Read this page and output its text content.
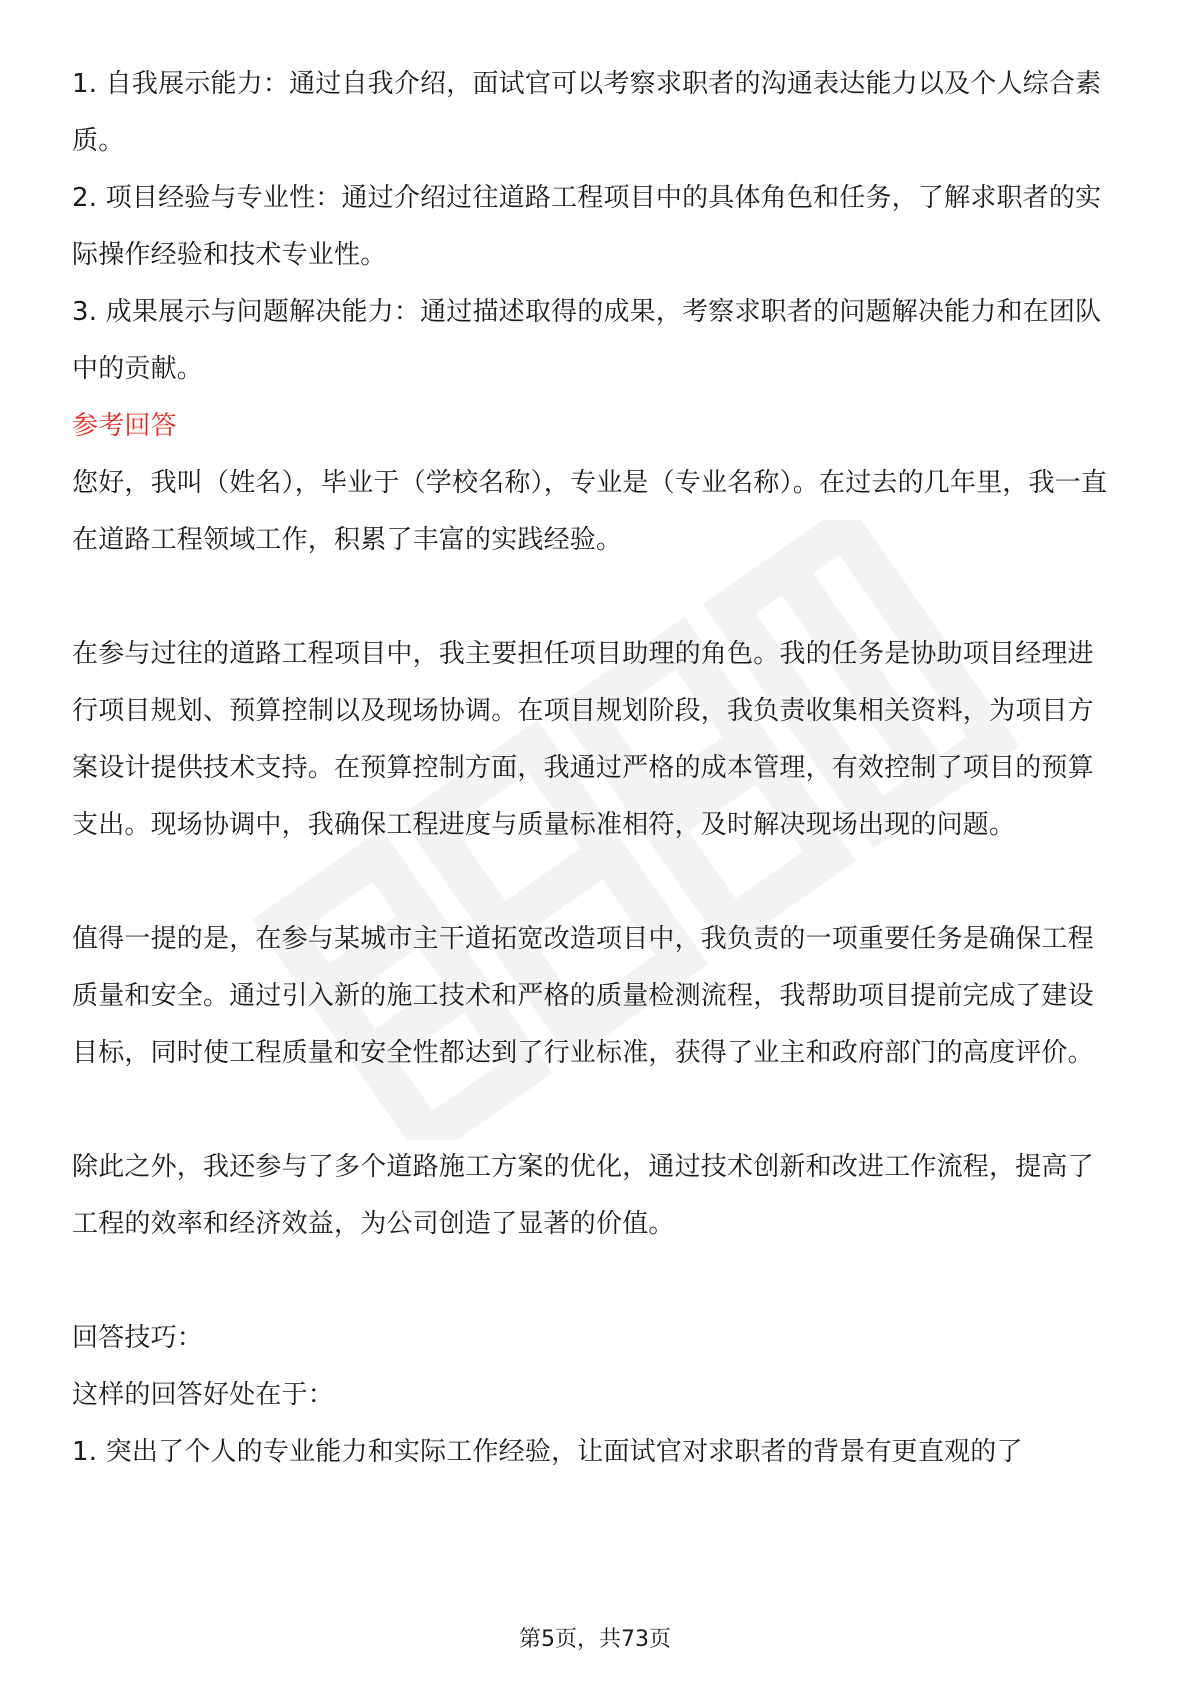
1. 自我展示能力：通过自我介绍，面试官可以考察求职者的沟通表达能力以及个人综合素质。

2. 项目经验与专业性：通过介绍过往道路工程项目中的具体角色和任务，了解求职者的实际操作经验和技术专业性。

3. 成果展示与问题解决能力：通过描述取得的成果，考察求职者的问题解决能力和在团队中的贡献。

参考回答

您好，我叫（姓名），毕业于（学校名称），专业是（专业名称）。在过去的几年里，我一直在道路工程领域工作，积累了丰富的实践经验。

在参与过往的道路工程项目中，我主要担任项目助理的角色。我的任务是协助项目经理进行项目规划、预算控制以及现场协调。在项目规划阶段，我负责收集相关资料，为项目方案设计提供技术支持。在预算控制方面，我通过严格的成本管理，有效控制了项目的预算支出。现场协调中，我确保工程进度与质量标准相符，及时解决现场出现的问题。

值得一提的是，在参与某城市主干道拓宽改造项目中，我负责的一项重要任务是确保工程质量和安全。通过引入新的施工技术和严格的质量检测流程，我帮助项目提前完成了建设目标，同时使工程质量和安全性都达到了行业标准，获得了业主和政府部门的高度评价。

除此之外，我还参与了多个道路施工方案的优化，通过技术创新和改进工作流程，提高了工程的效率和经济效益，为公司创造了显著的价值。

回答技巧：

这样的回答好处在于：

1. 突出了个人的专业能力和实际工作经验，让面试官对求职者的背景有更直观的了

第5页，共73页
